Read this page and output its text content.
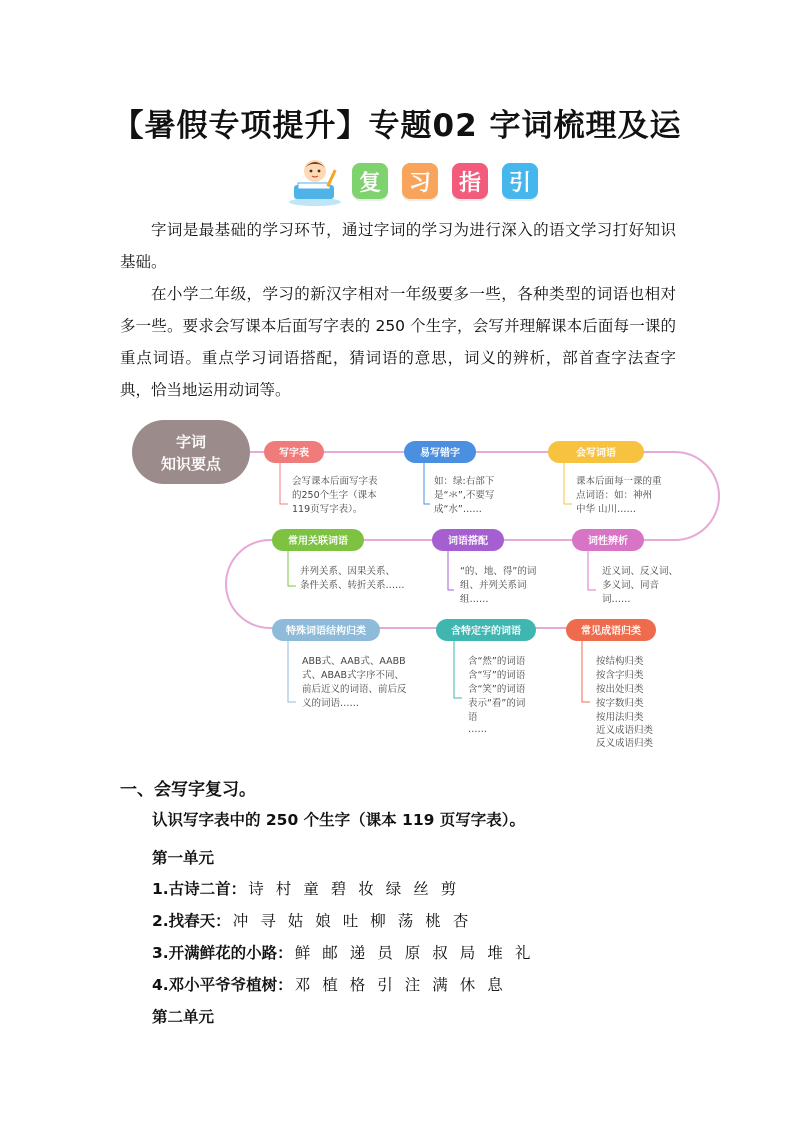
【暑假专项提升】专题02 字词梳理及运
复	习	指	引
字词是最基础的学习环节，通过字词的学习为进行深入的语文学习打好知识基础。
在小学二年级，学习的新汉字相对一年级要多一些，各种类型的词语也相对多一些。要求会写课本后面写字表的 250 个生字，会写并理解课本后面每一课的重点词语。重点学习词语搭配，猜词语的意思，词义的辨析，部首查字法查字典，恰当地运用动词等。
字词
知识要点
写字表
会写课本后面写字表
的250个生字（课本
119页写字表）。
易写错字
如：绿:右部下
是“氺”,不要写
成“水”……
会写词语
课本后面每一课的重
点词语：如：神州
中华 山川……
常用关联词语
并列关系、因果关系、
条件关系、转折关系……
词语搭配
“的、地、得”的词
组、并列关系词
组……
词性辨析
近义词、反义词、
多义词、同音
词……
特殊词语结构归类
ABB式、AAB式、AABB
式、ABAB式字序不同、
前后近义的词语、前后反
义的词语……
含特定字的词语
含“然”的词语
含“写”的词语
含“笑”的词语
表示“看”的词
语
……
常见成语归类
按结构归类
按含字归类
按出处归类
按字数归类
按用法归类
近义成语归类
反义成语归类
一、会写字复习。
认识写字表中的 250 个生字（课本 119 页写字表）。
第一单元
1.古诗二首： 诗 村 童 碧 妆 绿 丝 剪
2.找春天： 冲 寻 姑 娘 吐 柳 荡 桃 杏
3.开满鲜花的小路： 鲜 邮 递 员 原 叔 局 堆 礼
4.邓小平爷爷植树： 邓 植 格 引 注 满 休 息
第二单元
